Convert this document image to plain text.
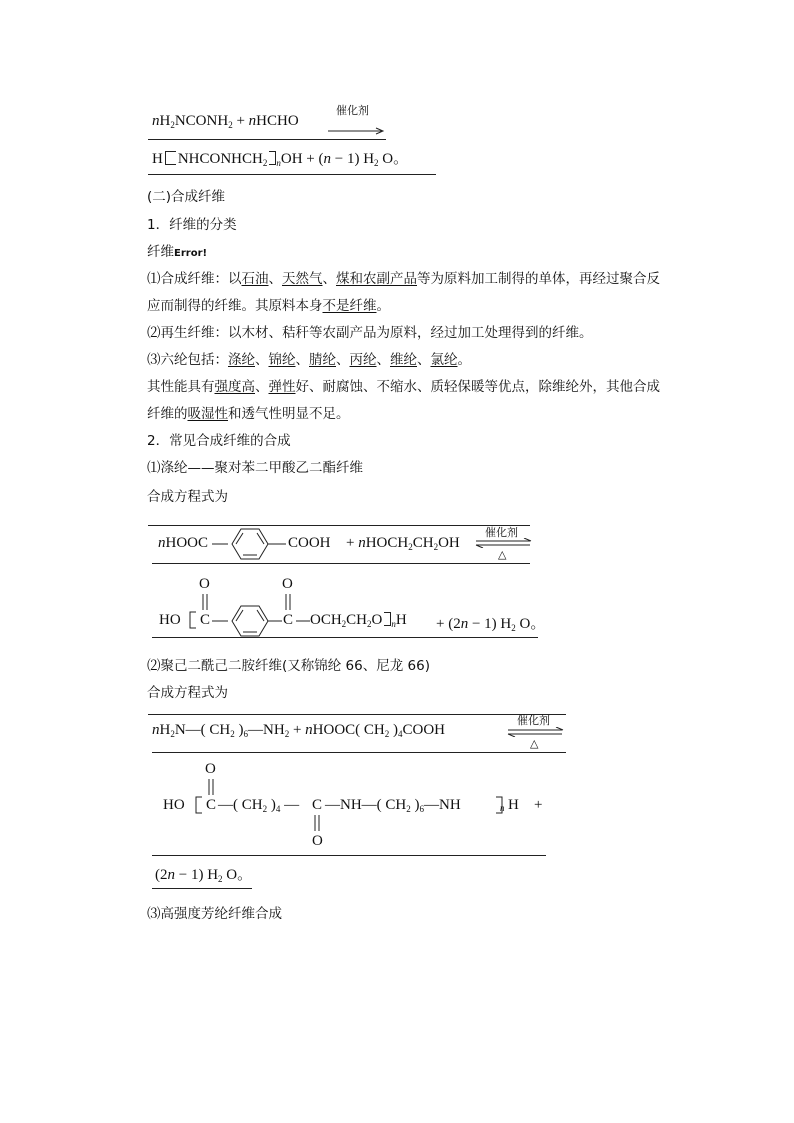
$nH_2NCONH_2$ + nHCHO
催化剂
H $NHCONHCH_2$ $_n$OH + (n − 1) $H_2$ O。
(二)合成纤维
1．纤维的分类
纤维Error!
⑴合成纤维：以石油、天然气、煤和农副产品等为原料加工制得的单体，再经过聚合反
应而制得的纤维。其原料本身不是纤维。
⑵再生纤维：以木材、秸秆等农副产品为原料，经过加工处理得到的纤维。
⑶六纶包括：涤纶、锦纶、腈纶、丙纶、维纶、氯纶。
其性能具有强度高、弹性好、耐腐蚀、不缩水、质轻保暖等优点，除维纶外，其他合成
纤维的吸湿性和透气性明显不足。
2．常见合成纤维的合成
⑴涤纶——聚对苯二甲酸乙二酯纤维
合成方程式为
nHOOC	COOH + $nHOCH_2CH_2OH$
催化剂
△
O	O
HO C	C $OCH_2CH_2O$ $_n$H + (2n − 1) $H_2$ O。
⑵聚己二酰己二胺纤维(又称锦纶 66、尼龙 66)
合成方程式为
$nH_2N—$( $CH_2$ )$_6—NH_2$ + nHOOC( $CH_2$ )$_4COOH$
催化剂
△
O
HO C —( $CH_2$ )$_4$ — C —NH—( $CH_2$ )$_6—NH$	n H +
O
(2n − 1) $H_2$ O。
⑶高强度芳纶纤维合成
